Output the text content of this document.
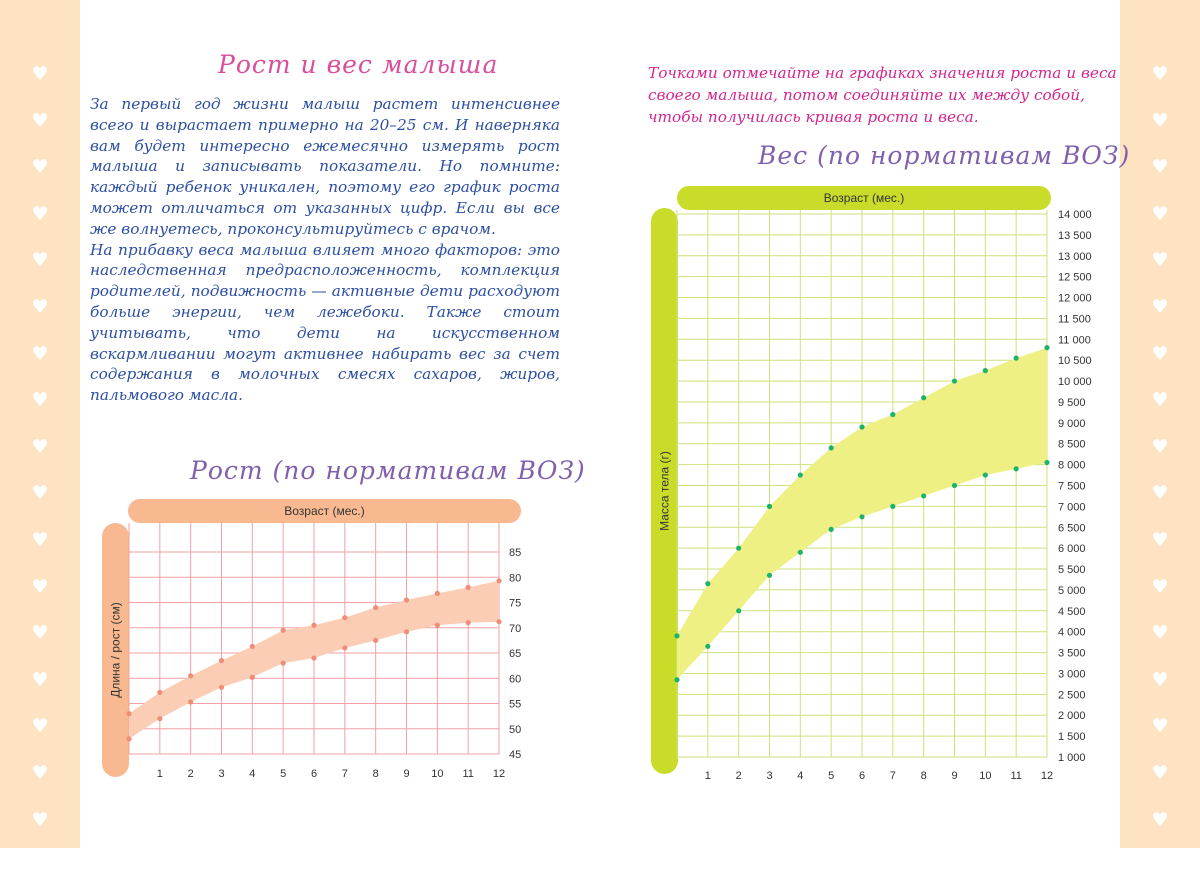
♥
♥
♥
♥
♥
♥
♥
♥
♥
♥
♥
♥
♥
♥
♥
♥
♥
♥
♥
♥
♥
♥
♥
♥
♥
♥
♥
♥
♥
♥
♥
♥
♥
♥
♥
♥
Рост и вес малыша

За первый год жизни малыш растет интенсивнее всего и вырастает примерно на 20–25 см. И наверняка вам будет интересно ежемесячно измерять рост малыша и записывать показатели. Но помните: каждый ребенок уникален, поэтому его график роста может отличаться от указанных цифр. Если вы все же волнуетесь, проконсультируйтесь с врачом.

На прибавку веса малыша влияет много факторов: это наследственная предрасположенность, комплекция родителей, подвижность — активные дети расходуют больше энергии, чем лежебоки. Также стоит учитывать, что дети на искусственном вскармливании могут активнее набирать вес за счет содержания в молочных смесях сахаров, жиров, пальмового масла.

Рост (по нормативам ВОЗ)
Точками отмечайте на графиках значения роста и веса своего малыша, потом соединяйте их между собой, чтобы получилась кривая роста и веса.
Вес (по нормативам ВОЗ)
Возраст (мес.)
Длина / рост (см)
85
80
75
70
65
60
55
50
45
1 2 3 4 5 6 7 8 9 10 11 12
Возраст (мес.)
Масса тела (г)
14 000
13 500
13 000
12 500
12 000
11 500
11 000
10 500
10 000
9 500
9 000
8 500
8 000
7 500
7 000
6 500
6 000
5 500
5 000
4 500
4 000
3 500
3 000
2 500
2 000
1 500
1 000
1 2 3 4 5 6 7 8 9 10 11 12
